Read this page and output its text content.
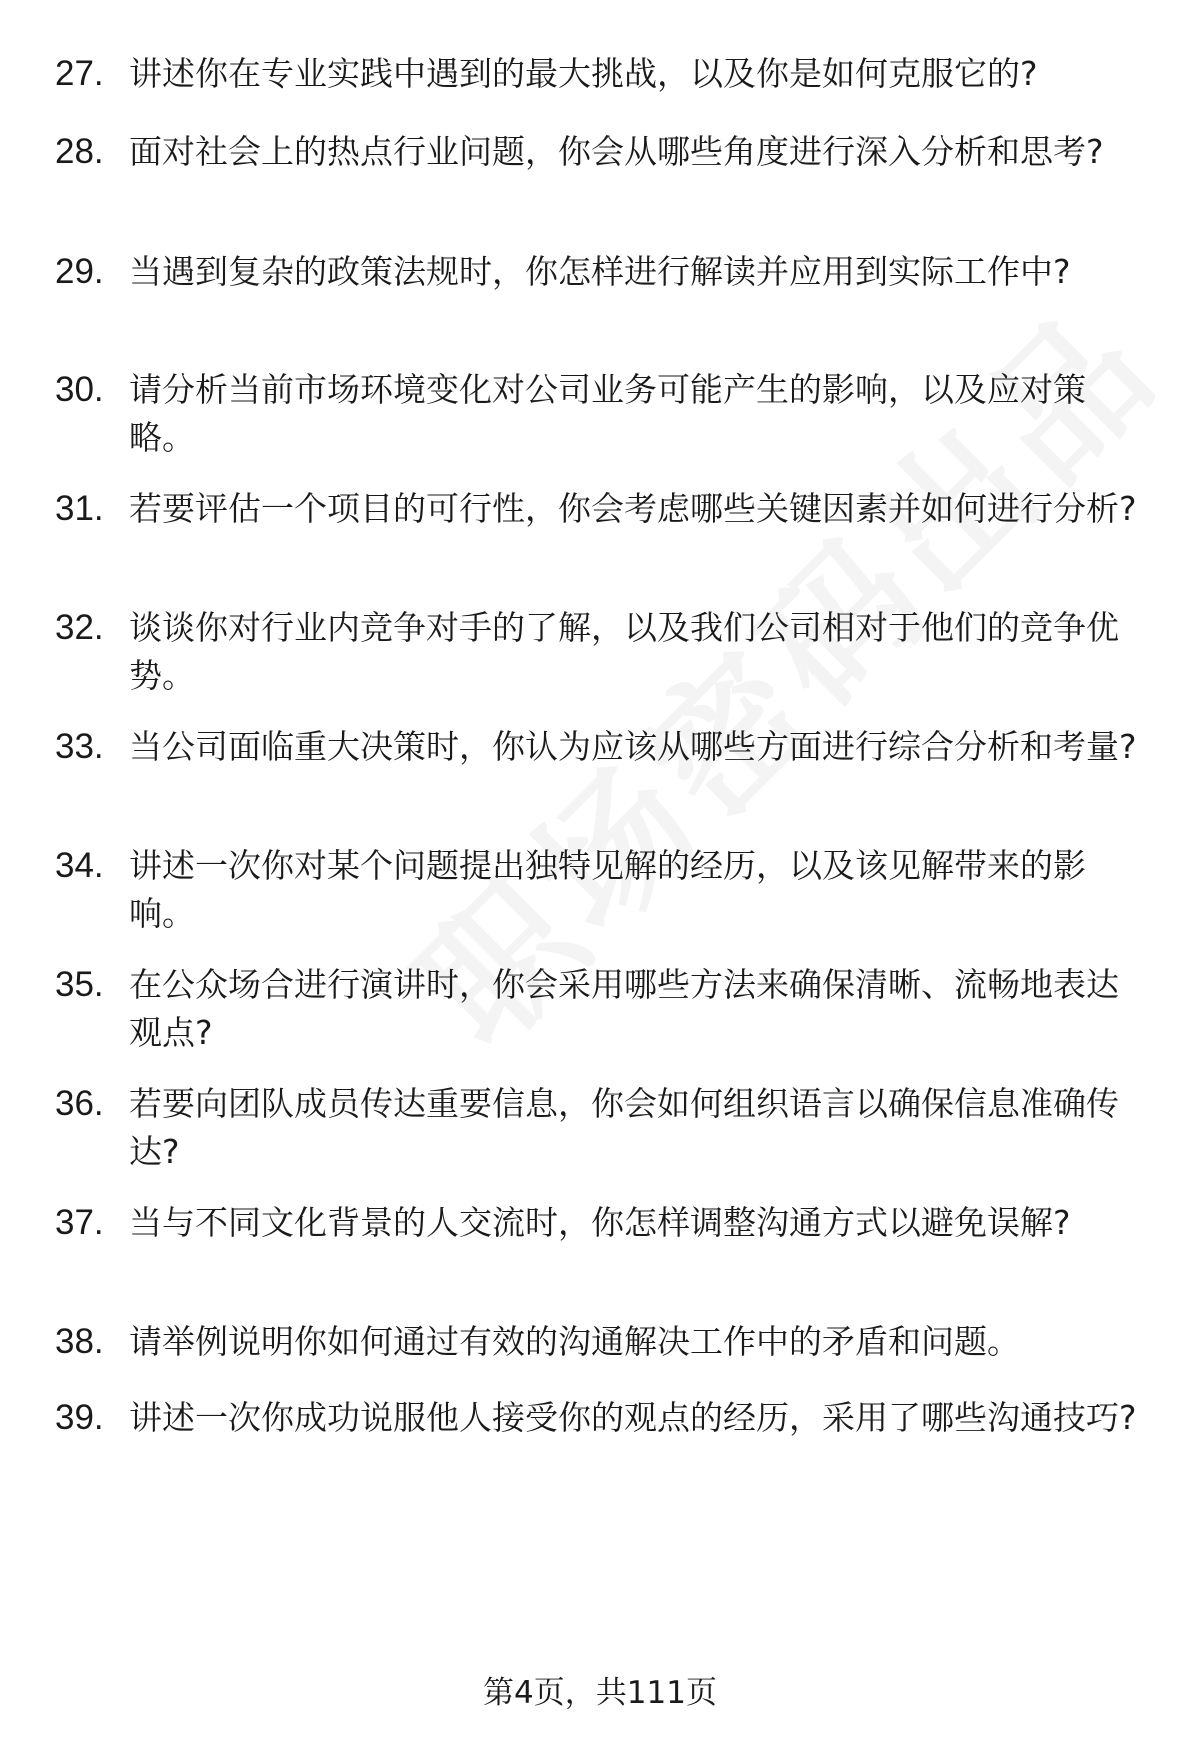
27. 讲述你在专业实践中遇到的最大挑战，以及你是如何克服它的?
28. 面对社会上的热点行业问题，你会从哪些角度进行深入分析和思考?
29. 当遇到复杂的政策法规时，你怎样进行解读并应用到实际工作中?
30. 请分析当前市场环境变化对公司业务可能产生的影响，以及应对策略。
31. 若要评估一个项目的可行性，你会考虑哪些关键因素并如何进行分析?
32. 谈谈你对行业内竞争对手的了解，以及我们公司相对于他们的竞争优势。
33. 当公司面临重大决策时，你认为应该从哪些方面进行综合分析和考量?
34. 讲述一次你对某个问题提出独特见解的经历，以及该见解带来的影响。
35. 在公众场合进行演讲时，你会采用哪些方法来确保清晰、流畅地表达观点?
36. 若要向团队成员传达重要信息，你会如何组织语言以确保信息准确传达?
37. 当与不同文化背景的人交流时，你怎样调整沟通方式以避免误解?
38. 请举例说明你如何通过有效的沟通解决工作中的矛盾和问题。
39. 讲述一次你成功说服他人接受你的观点的经历，采用了哪些沟通技巧?
第4页，共111页
